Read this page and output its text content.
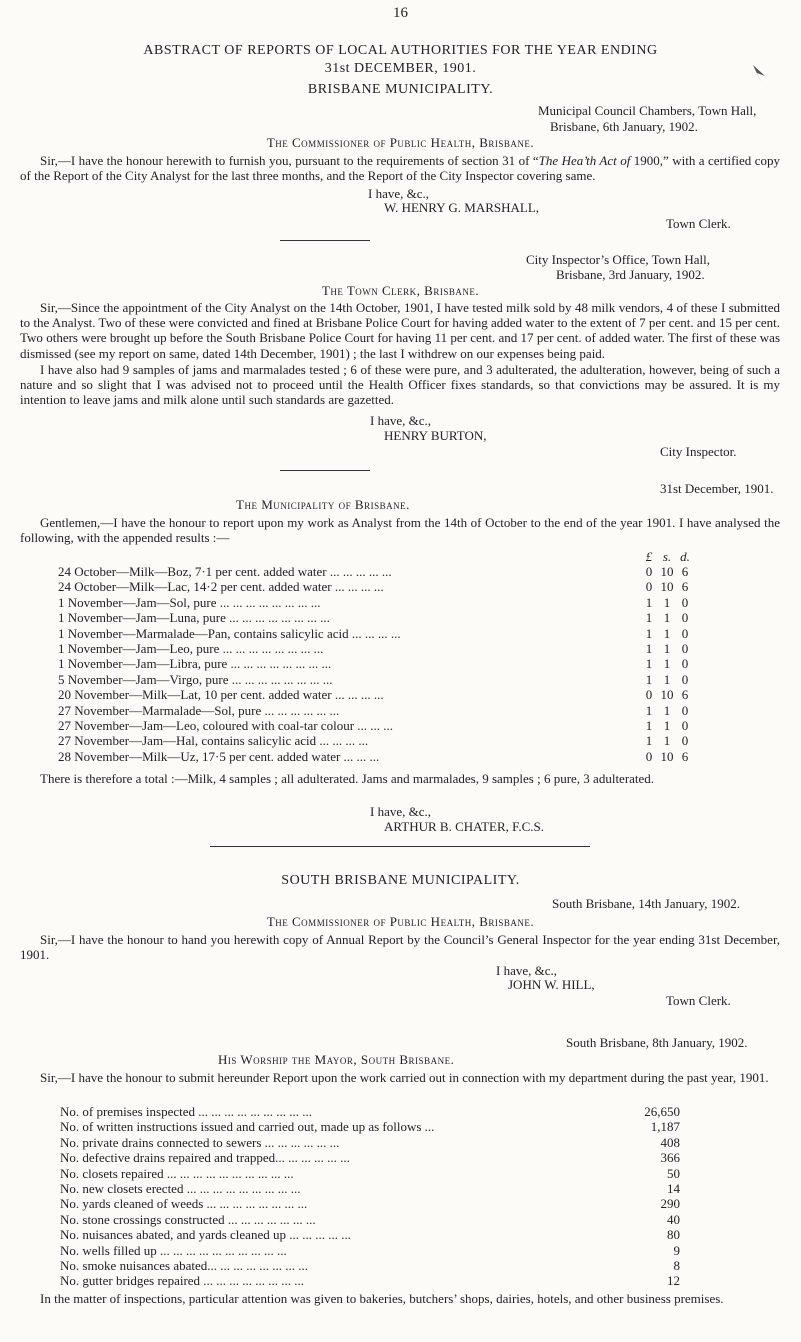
16
ABSTRACT OF REPORTS OF LOCAL AUTHORITIES FOR THE YEAR ENDING
31st DECEMBER, 1901.
BRISBANE MUNICIPALITY.
Municipal Council Chambers, Town Hall,
Brisbane, 6th January, 1902.
The Commissioner of Public Health, Brisbane.
Sir,—I have the honour herewith to furnish you, pursuant to the requirements of section 31 of “The Hea’th Act of 1900,” with a certified copy of the Report of the City Analyst for the last three months, and the Report of the City Inspector covering same.
I have, &c.,
W. HENRY G. MARSHALL,
Town Clerk.
City Inspector’s Office, Town Hall,
Brisbane, 3rd January, 1902.
The Town Clerk, Brisbane.
Sir,—Since the appointment of the City Analyst on the 14th October, 1901, I have tested milk sold by 48 milk vendors, 4 of these I submitted to the Analyst. Two of these were convicted and fined at Brisbane Police Court for having added water to the extent of 7 per cent. and 15 per cent. Two others were brought up before the South Brisbane Police Court for having 11 per cent. and 17 per cent. of added water. The first of these was dismissed (see my report on same, dated 14th December, 1901) ; the last I withdrew on our expenses being paid.
I have also had 9 samples of jams and marmalades tested ; 6 of these were pure, and 3 adulterated, the adulteration, however, being of such a nature and so slight that I was advised not to proceed until the Health Officer fixes standards, so that convictions may be assured. It is my intention to leave jams and milk alone until such standards are gazetted.
I have, &c.,
HENRY BURTON,
City Inspector.
31st December, 1901.
The Municipality of Brisbane.
Gentlemen,—I have the honour to report upon my work as Analyst from the 14th of October to the end of the year 1901. I have analysed the following, with the appended results :—
£ s. d.
24 October—Milk—Boz, 7·1 per cent. added water ... ... ... ... ...	0 10 6
24 October—Milk—Lac, 14·2 per cent. added water ... ... ... ...	0 10 6
1 November—Jam—Sol, pure ... ... ... ... ... ... ... ...	1 1 0
1 November—Jam—Luna, pure ... ... ... ... ... ... ... ...	1 1 0
1 November—Marmalade—Pan, contains salicylic acid ... ... ... ...	1 1 0
1 November—Jam—Leo, pure ... ... ... ... ... ... ... ...	1 1 0
1 November—Jam—Libra, pure ... ... ... ... ... ... ... ...	1 1 0
5 November—Jam—Virgo, pure ... ... ... ... ... ... ... ...	1 1 0
20 November—Milk—Lat, 10 per cent. added water ... ... ... ...	0 10 6
27 November—Marmalade—Sol, pure ... ... ... ... ... ...	1 1 0
27 November—Jam—Leo, coloured with coal-tar colour ... ... ...	1 1 0
27 November—Jam—Hal, contains salicylic acid ... ... ... ...	1 1 0
28 November—Milk—Uz, 17·5 per cent. added water ... ... ...	0 10 6
There is therefore a total :—Milk, 4 samples ; all adulterated. Jams and marmalades, 9 samples ; 6 pure, 3 adulterated.
I have, &c.,
ARTHUR B. CHATER, F.C.S.
SOUTH BRISBANE MUNICIPALITY.
South Brisbane, 14th January, 1902.
The Commissioner of Public Health, Brisbane.
Sir,—I have the honour to hand you herewith copy of Annual Report by the Council’s General Inspector for the year ending 31st December, 1901.
I have, &c.,
JOHN W. HILL,
Town Clerk.
South Brisbane, 8th January, 1902.
His Worship the Mayor, South Brisbane.
Sir,—I have the honour to submit hereunder Report upon the work carried out in connection with my department during the past year, 1901.
No. of premises inspected ... ... ... ... ... ... ... ... ...	26,650
No. of written instructions issued and carried out, made up as follows ...	1,187
No. private drains connected to sewers ... ... ... ... ... ...	408
No. defective drains repaired and trapped... ... ... ... ... ...	366
No. closets repaired ... ... ... ... ... ... ... ... ... ...	50
No. new closets erected ... ... ... ... ... ... ... ... ...	14
No. yards cleaned of weeds ... ... ... ... ... ... ... ...	290
No. stone crossings constructed ... ... ... ... ... ... ...	40
No. nuisances abated, and yards cleaned up ... ... ... ... ...	80
No. wells filled up ... ... ... ... ... ... ... ... ... ...	9
No. smoke nuisances abated... ... ... ... ... ... ... ...	8
No. gutter bridges repaired ... ... ... ... ... ... ... ...	12
In the matter of inspections, particular attention was given to bakeries, butchers’ shops, dairies, hotels, and other business premises.
